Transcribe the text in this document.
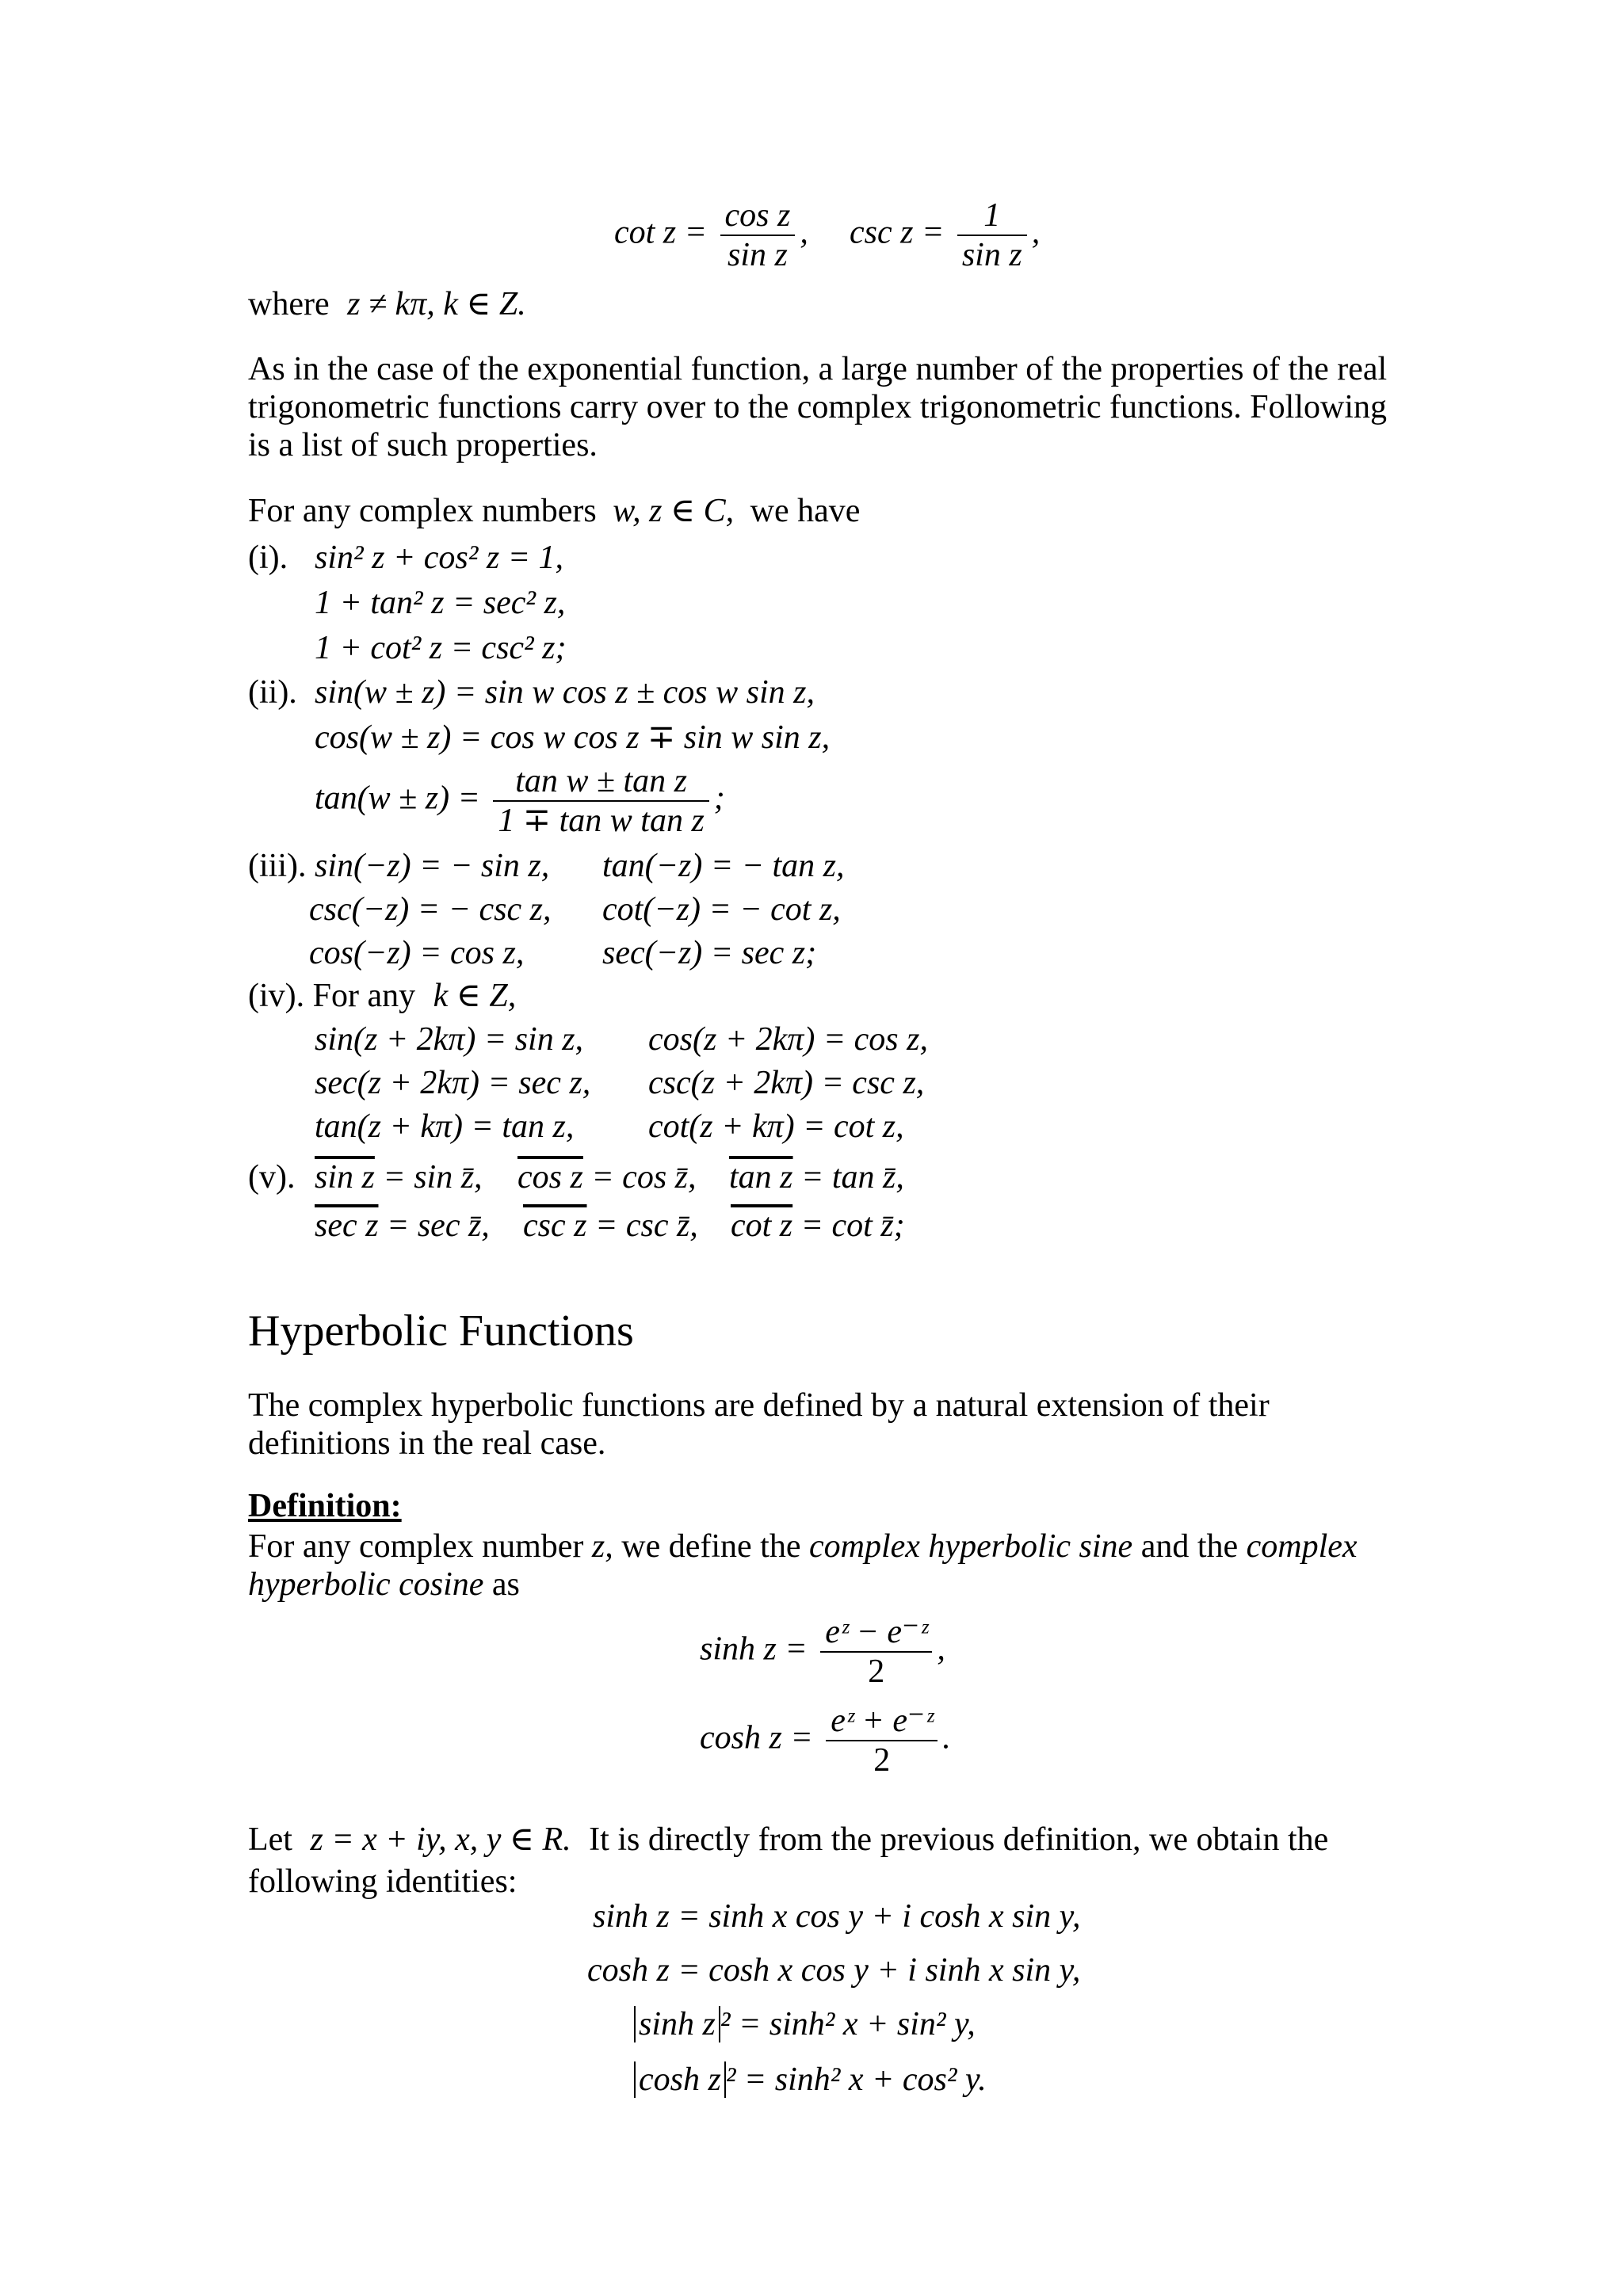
$\cot z = \frac{\text{cos z}}{\text{sin z}}$ , $\csc z = \frac{1}{\text{sin z}}$ ,
where z ≠ kπ, k ∈ Z.

As in the case of the exponential function, a large number of the properties of the real trigonometric functions carry over to the complex trigonometric functions. Following is a list of such properties.

For any complex numbers w, z ∈ C, we have
(i). sin² z + cos² z = 1,
1 + tan² z = sec² z,
1 + cot² z = csc² z;
(ii). sin(w ± z) = sin w cos z ± cos w sin z,
cos(w ± z) = cos w cos z ∓ sin w sin z,
$\tan(w \pm z) = \frac{\text{tan w ± tan z}}{\text{1 ∓ tan w tan z}}$ ;
(iii). sin(−z) = − sin z, tan(−z) = − tan z,
csc(−z) = − csc z, cot(−z) = − cot z,
cos(−z) = cos z, sec(−z) = sec z;
(iv). For any k ∈ Z,
sin(z + 2kπ) = sin z, cos(z + 2kπ) = cos z,
sec(z + 2kπ) = sec z, csc(z + 2kπ) = csc z,
tan(z + kπ) = tan z, cot(z + kπ) = cot z,
(v). sin z = sin z̄, cos z = cos z̄, tan z = tan z̄,
sec z = sec z̄, csc z = csc z̄, cot z = cot z̄;
Hyperbolic Functions

The complex hyperbolic functions are defined by a natural extension of their definitions in the real case.

Definition:

For any complex number z, we define the complex hyperbolic sine and the complex hyperbolic cosine as

$\sinh z = \frac{\text{eᶻ − e⁻ᶻ}}{2}$ ,
$\cosh z = \frac{\text{eᶻ + e⁻ᶻ}}{2}$ .
Let z = x + iy, x, y ∈ R. It is directly from the previous definition, we obtain the
following identities:
sinh z = sinh x cos y + i cosh x sin y,
cosh z = cosh x cos y + i sinh x sin y,
sinh z ² = sinh² x + sin² y,
cosh z ² = sinh² x + cos² y.
